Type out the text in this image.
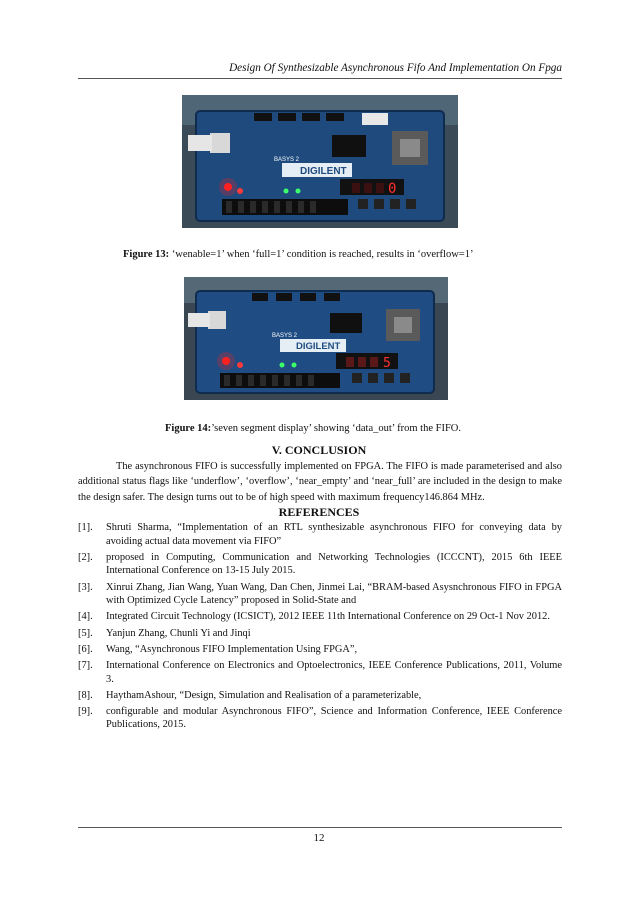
Design Of Synthesizable Asynchronous Fifo And Implementation On Fpga
DIGILENT
BASYS 2
0
Figure 13: ‘wenable=1’ when ‘full=1’ condition is reached, results in ‘overflow=1’
DIGILENT
BASYS 2
5
Figure 14:’seven segment display’ showing ‘data_out’ from the FIFO.
V. CONCLUSION
The asynchronous FIFO is successfully implemented on FPGA. The FIFO is made parameterised and also additional status flags like ‘underflow’, ‘overflow’, ‘near_empty’ and ‘near_full’ are included in the design to make the design safer. The design turns out to be of high speed with maximum frequency146.864 MHz.
REFERENCES
[1].	Shruti Sharma, “Implementation of an RTL synthesizable asynchronous FIFO for conveying data by avoiding actual data movement via FIFO”
[2].	proposed in Computing, Communication and Networking Technologies (ICCCNT), 2015 6th IEEE International Conference on 13-15 July 2015.
[3].	Xinrui Zhang, Jian Wang, Yuan Wang, Dan Chen, Jinmei Lai, “BRAM-based Asysnchronous FIFO in FPGA with Optimized Cycle Latency” proposed in Solid-State and
[4].	Integrated Circuit Technology (ICSICT), 2012 IEEE 11th International Conference on 29 Oct-1 Nov 2012.
[5].	Yanjun Zhang, Chunli Yi and Jinqi
[6].	Wang, “Asynchronous FIFO Implementation Using FPGA”,
[7].	International Conference on Electronics and Optoelectronics, IEEE Conference Publications, 2011, Volume 3.
[8].	HaythamAshour, “Design, Simulation and Realisation of a parameterizable,
[9].	configurable and modular Asynchronous FIFO”, Science and Information Conference, IEEE Conference Publications, 2015.
12
